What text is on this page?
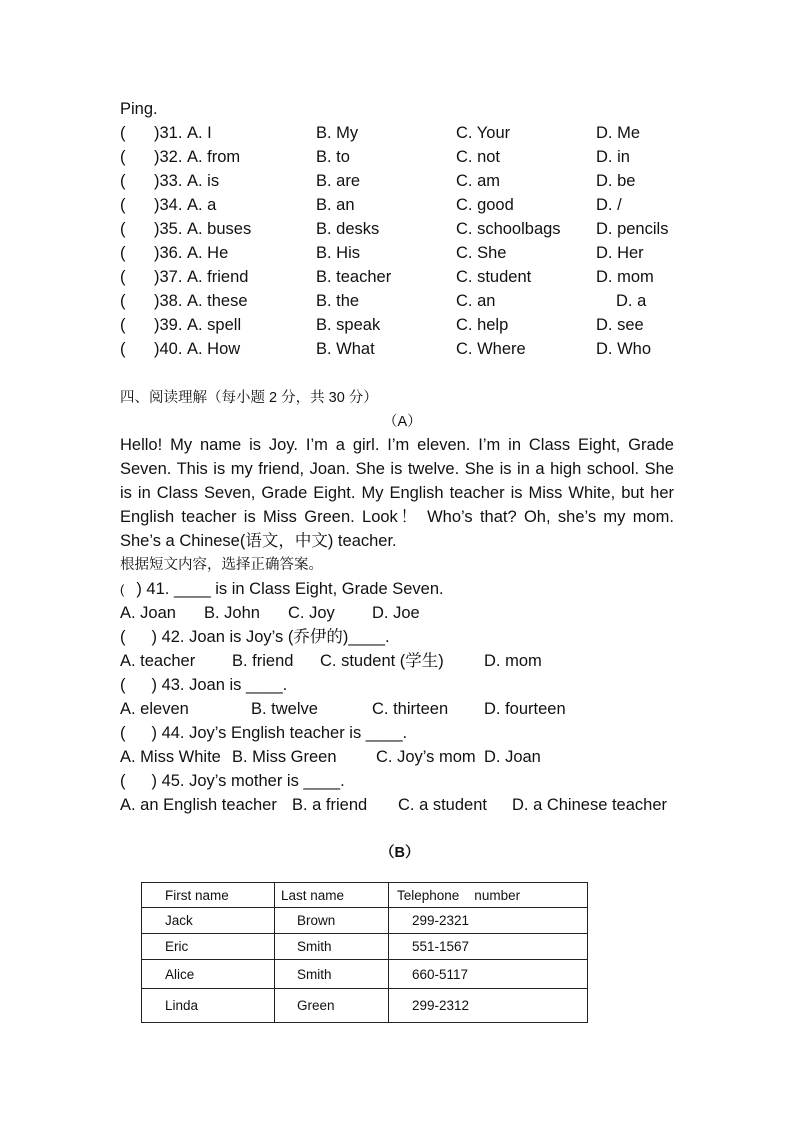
Ping.
( )31. A. I	B. My	C. Your	D. Me
( )32. A. from	B. to	C. not	D. in
( )33. A. is	B. are	C. am	D. be
( )34. A. a	B. an	C. good	D. /
( )35. A. buses	B. desks	C. schoolbags D. pencils
( )36. A. He	B. His	C. She	D. Her
( )37. A. friend	B. teacher	C. student	D. mom
( )38. A. these	B. the	C. an	D. a
( )39. A. spell	B. speak	C. help	D. see
( )40. A. How	B. What	C. Where	D. Who
四、阅读理解（每小题 2 分，共 30 分）
（A）
Hello! My name is Joy. I’m a girl. I’m eleven. I’m in Class Eight, Grade
Seven. This is my friend, Joan. She is twelve. She is in a high school. She
is in Class Seven, Grade Eight. My English teacher is Miss White, but her
English teacher is Miss Green. Look！ Who’s that? Oh, she’s my mom.
She’s a Chinese(语文，中文) teacher.
根据短文内容，选择正确答案。
( ) 41. ____ is in Class Eight, Grade Seven.
A. Joan B. John C. Joy D. Joe
( ) 42. Joan is Joy’s (乔伊的)____.
A. teacher B. friend C. student (学生) D. mom
( ) 43. Joan is ____.
A. eleven	B. twelve	C. thirteen D. fourteen
( ) 44. Joy’s English teacher is ____.
A. Miss White B. Miss Green C. Joy’s mom D. Joan
( ) 45. Joy’s mother is ____.
A. an English teacher B. a friend C. a student D. a Chinese teacher
（B）
First name	Last name	Telephone    number
Jack	Brown	299-2321
Eric	Smith	551-1567
Alice	Smith	660-5117
Linda	Green	299-2312
